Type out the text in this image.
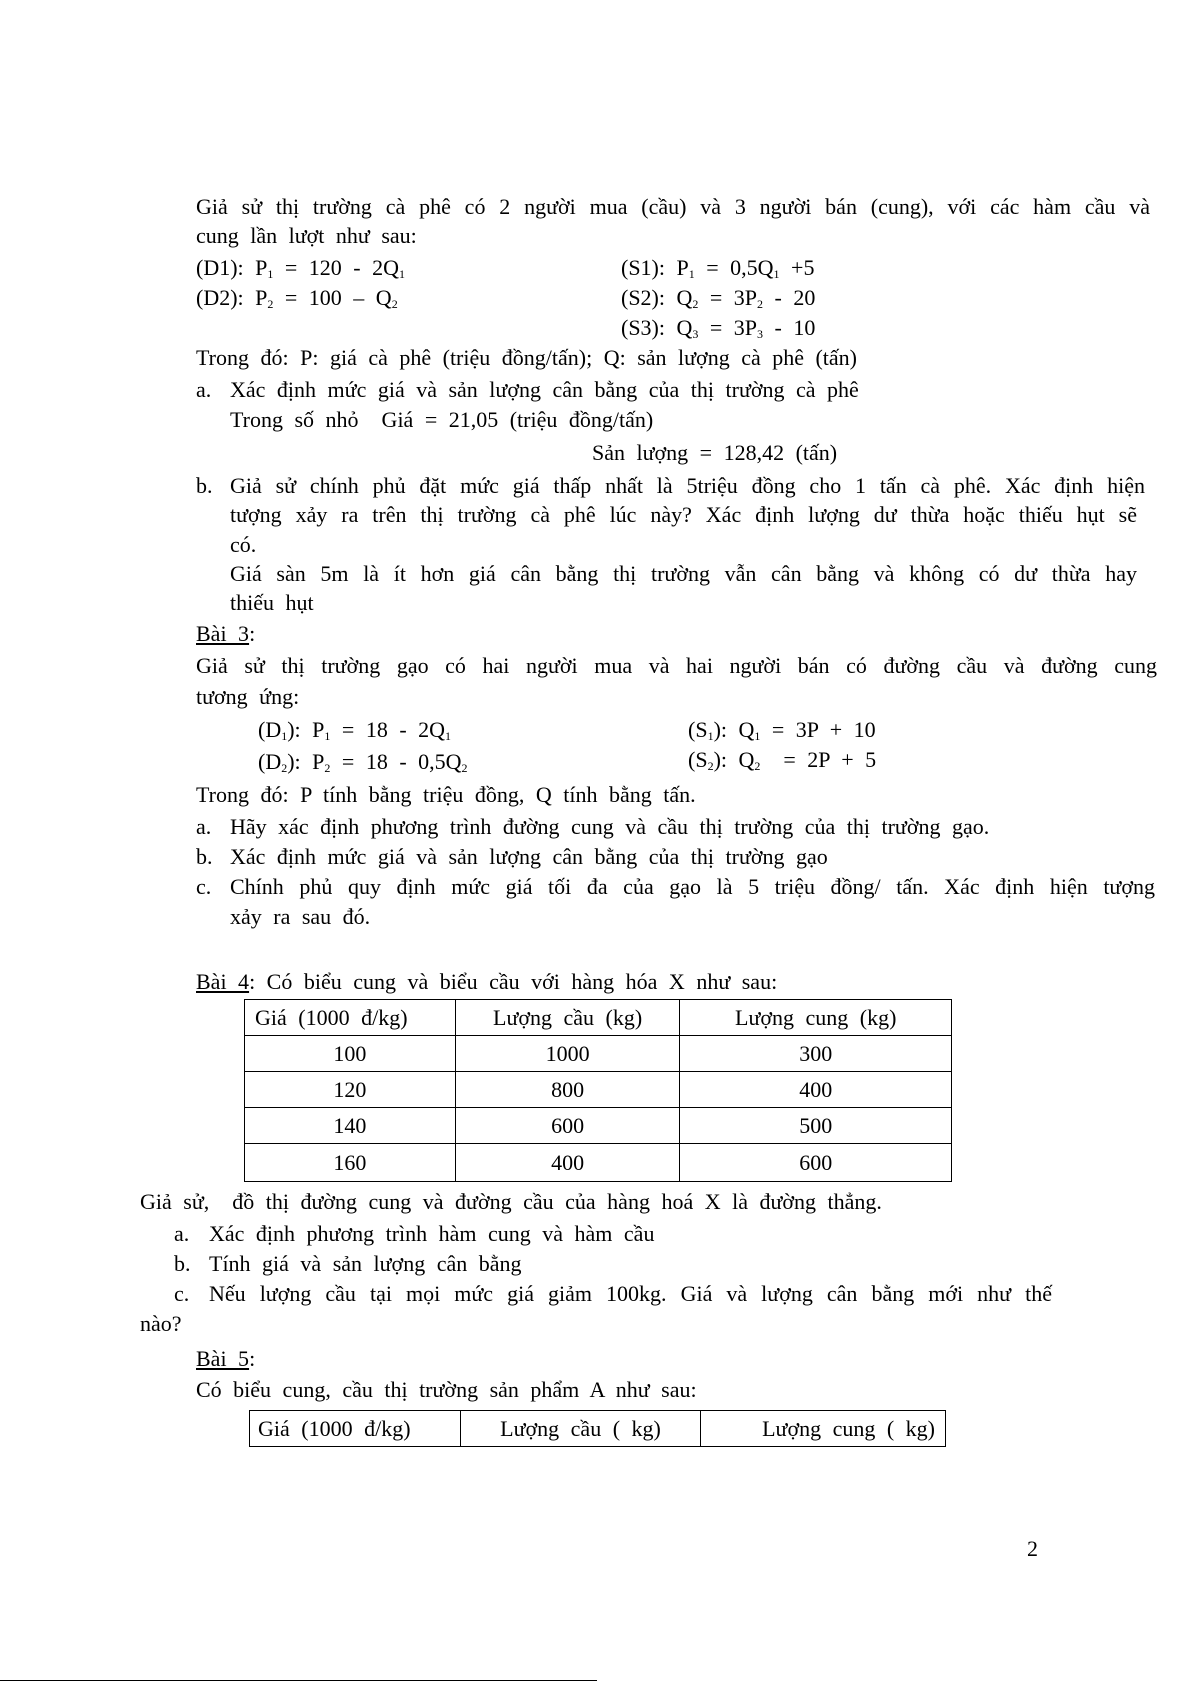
Giả sử thị trường cà phê có 2 người mua (cầu) và 3 người bán (cung), với các hàm cầu và
cung lần lượt như sau:
(D1): $P_1 = 120 - 2Q_1$
(D2): $P_2 = 100 - Q_2$
(S1): $P_1 = 0,5Q_1 +5$
(S2): $Q_2 = 3P_2 - 20$
(S3): $Q_3 = 3P_3 - 10$
Trong đó: P: giá cà phê (triệu đồng/tấn); Q: sản lượng cà phê (tấn)
a. Xác định mức giá và sản lượng cân bằng của thị trường cà phê
Trong số nhỏ  Giá = 21,05 (triệu đồng/tấn)
Sản lượng = 128,42 (tấn)
b. Giả sử chính phủ đặt mức giá thấp nhất là 5triệu đồng cho 1 tấn cà phê. Xác định hiện
tượng xảy ra trên thị trường cà phê lúc này? Xác định lượng dư thừa hoặc thiếu hụt sẽ
có.
Giá sàn 5m là ít hơn giá cân bằng thị trường vẫn cân bằng và không có dư thừa hay
thiếu hụt
Bài 3:
Giả sử thị trường gạo có hai người mua và hai người bán có đường cầu và đường cung
tương ứng:
$(D_1)$: $P_1 = 18 - 2Q_1$
$(D_2)$: $P_2 = 18 - 0,5Q_2$
$(S_1)$: $Q_1 = 3P + 10$
$(S_2)$: $Q_2 = 2P + 5$
Trong đó: P tính bằng triệu đồng, Q tính bằng tấn.
a. Hãy xác định phương trình đường cung và cầu thị trường của thị trường gạo.
b. Xác định mức giá và sản lượng cân bằng của thị trường gạo
c. Chính phủ quy định mức giá tối đa của gạo là 5 triệu đồng/ tấn. Xác định hiện tượng
xảy ra sau đó.
Bài 4: Có biểu cung và biểu cầu với hàng hóa X như sau:
Giá (1000 đ/kg)	Lượng cầu (kg)	Lượng cung (kg)
100	1000	300
120	800	400
140	600	500
160	400	600
Giả sử,  đồ thị đường cung và đường cầu của hàng hoá X là đường thẳng.
a. Xác định phương trình hàm cung và hàm cầu
b. Tính giá và sản lượng cân bằng
c. Nếu lượng cầu tại mọi mức giá giảm 100kg. Giá và lượng cân bằng mới như thế
nào?
Bài 5:
Có biểu cung, cầu thị trường sản phẩm A như sau:
Giá (1000 đ/kg)	Lượng cầu ( kg)	Lượng cung ( kg)
2
